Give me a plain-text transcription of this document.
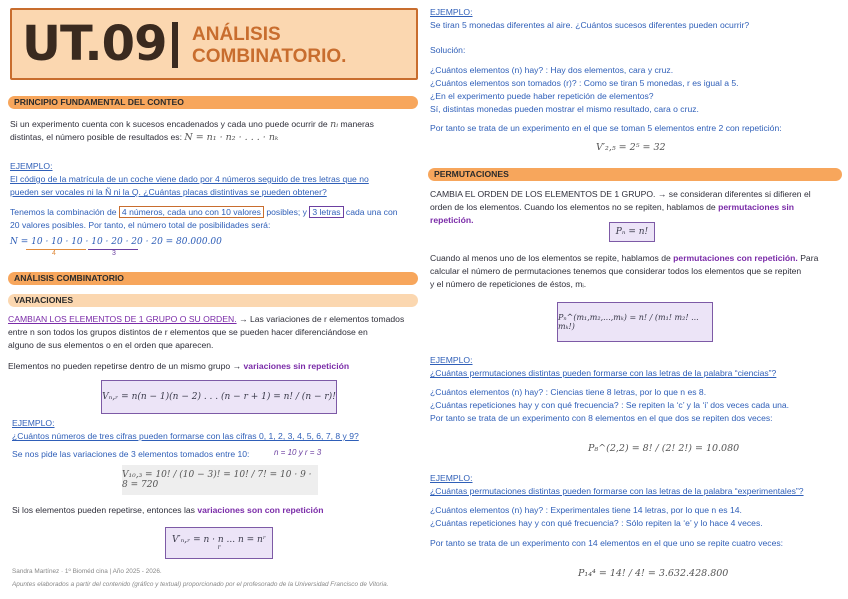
UT.09 ANÁLISIS
COMBINATORIO.
PRINCIPIO FUNDAMENTAL DEL CONTEO
Si un experimento cuenta con k sucesos encadenados y cada uno puede ocurrir de nᵢ maneras
distintas, el número posible de resultados es: N = n₁ · n₂ · . . . · nₖ
EJEMPLO:
El código de la matrícula de un coche viene dado por 4 números seguido de tres letras que no
pueden ser vocales ni la Ñ ni la Q. ¿Cuántas placas distintivas se pueden obtener?
Tenemos la combinación de 4 números, cada uno con 10 valores posibles; y 3 letras cada una con
20 valores posibles. Por tanto, el número total de posibilidades será:
N = 10 · 10 · 10 · 10 · 20 · 20 · 20 = 80.000.00
4	3
ANÁLISIS COMBINATORIO
VARIACIONES
CAMBIAN LOS ELEMENTOS DE 1 GRUPO O SU ORDEN. → Las variaciones de r elementos tomados
entre n son todos los grupos distintos de r elementos que se pueden hacer diferenciándose en
alguno de sus elementos o en el orden que aparecen.
Elementos no pueden repetirse dentro de un mismo grupo → variaciones sin repetición
Vₙ,ᵣ = n(n − 1)(n − 2) . . . (n − r + 1) = n! / (n − r)!
EJEMPLO:
¿Cuántos números de tres cifras pueden formarse con las cifras 0, 1, 2, 3, 4, 5, 6, 7, 8 y 9?
Se nos pide las variaciones de 3 elementos tomados entre 10:	n = 10 y r = 3
V₁₀,₃ = 10! / (10 − 3)! = 10! / 7! = 10 · 9 · 8 = 720
Si los elementos pueden repetirse, entonces las variaciones son con repetición
V′ₙ,ᵣ = n · n ... n = nʳ
r
Sandra Martínez · 1º Bioméd cina | Año 2025 - 2026.
Apuntes elaborados a partir del contenido (gráfico y textual) proporcionado por el profesorado de la Universidad Francisco de Vitoria.
EJEMPLO:
Se tiran 5 monedas diferentes al aire. ¿Cuántos sucesos diferentes pueden ocurrir?
Solución:
¿Cuántos elementos (n) hay? : Hay dos elementos, cara y cruz.
¿Cuántos elementos son tomados (r)? : Como se tiran 5 monedas, r es igual a 5.
¿En el experimento puede haber repetición de elementos?
Sí, distintas monedas pueden mostrar el mismo resultado, cara o cruz.
Por tanto se trata de un experimento en el que se toman 5 elementos entre 2 con repetición:
V′₂,₅ = 2⁵ = 32
PERMUTACIONES
CAMBIA EL ORDEN DE LOS ELEMENTOS DE 1 GRUPO. → se consideran diferentes si difieren el
orden de los elementos. Cuando los elementos no se repiten, hablamos de permutaciones sin
repetición.
Pₙ = n!
Cuando al menos uno de los elementos se repite, hablamos de permutaciones con repetición. Para
calcular el número de permutaciones tenemos que considerar todos los elementos que se repiten
y el número de repeticiones de éstos, mᵢ.
Pₙ^(m₁,m₂,...,mₖ) = n! / (m₁! m₂! ... mₖ!)
EJEMPLO:
¿Cuántas permutaciones distintas pueden formarse con las letras de la palabra “ciencias”?
¿Cuántos elementos (n) hay? : Ciencias tiene 8 letras, por lo que n es 8.
¿Cuántas repeticiones hay y con qué frecuencia? : Se repiten la ‘c’ y la ‘i’ dos veces cada una.
Por tanto se trata de un experimento con 8 elementos en el que dos se repiten dos veces:
P₈^(2,2) = 8! / (2! 2!) = 10.080
EJEMPLO:
¿Cuántas permutaciones distintas pueden formarse con las letras de la palabra “experimentales”?
¿Cuántos elementos (n) hay? : Experimentales tiene 14 letras, por lo que n es 14.
¿Cuántas repeticiones hay y con qué frecuencia? : Sólo repiten la ‘e’ y lo hace 4 veces.
Por tanto se trata de un experimento con 14 elementos en el que uno se repite cuatro veces:
P₁₄⁴ = 14! / 4! = 3.632.428.800
